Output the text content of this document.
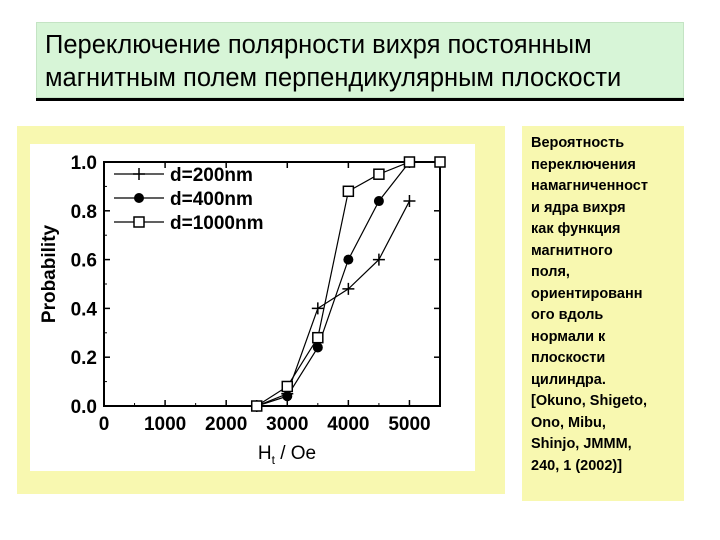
Переключение полярности вихря постоянным
магнитным полем перпендикулярным плоскости
0 1000 2000 3000 4000 5000
0.0
0.2
0.4
0.6
0.8
1.0
d=200nm
d=400nm
d=1000nm
Probability
$H_t$ / Oe
Вероятность
переключения
намагниченност
и ядра вихря
как функция
магнитного
поля,
ориентированн
ого вдоль
нормали к
плоскости
цилиндра.
[Okuno, Shigeto,
Ono, Mibu,
Shinjo, JMMM,
240, 1 (2002)]
